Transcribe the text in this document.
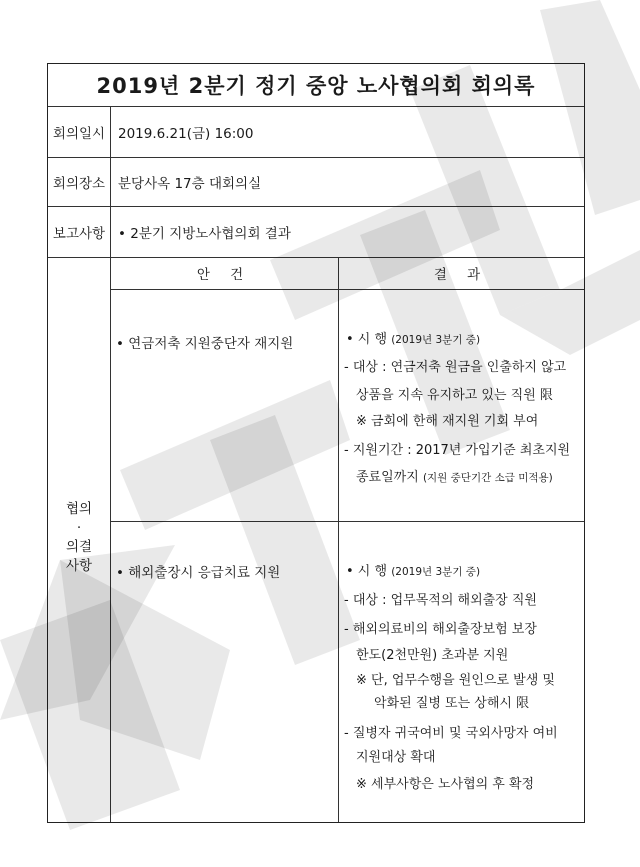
2019년 2분기 정기 중앙 노사협의회 회의록
회의일시 2019.6.21(금) 16:00
회의장소 분당사옥 17층 대회의실
보고사항 • 2분기 지방노사협의회 결과
협의
·
의결
사항
안 건	결 과
• 연금저축 지원중단자 재지원	• 시 행 (2019년 3분기 중)
- 대상 : 연금저축 원금을 인출하지 않고
상품을 지속 유지하고 있는 직원 限
※ 금회에 한해 재지원 기회 부여
- 지원기간 : 2017년 가입기준 최초지원
종료일까지 (지원 중단기간 소급 미적용)
• 해외출장시 응급치료 지원	• 시 행 (2019년 3분기 중)
- 대상 : 업무목적의 해외출장 직원
- 해외의료비의 해외출장보험 보장
한도(2천만원) 초과분 지원
※ 단, 업무수행을 원인으로 발생 및
악화된 질병 또는 상해시 限
- 질병자 귀국여비 및 국외사망자 여비
지원대상 확대
※ 세부사항은 노사협의 후 확정
